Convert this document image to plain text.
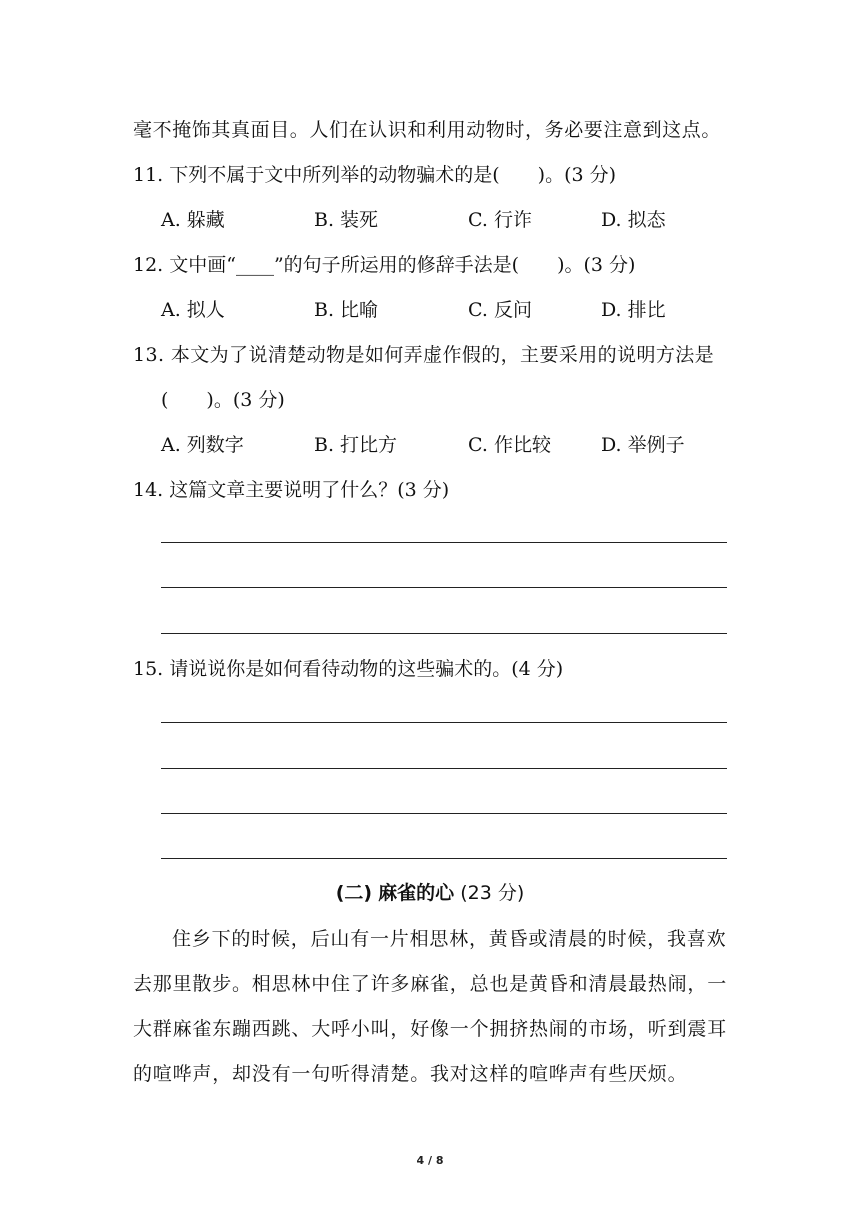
毫不掩饰其真面目。人们在认识和利用动物时，务必要注意到这点。
11. 下列不属于文中所列举的动物骗术的是(　　)。(3 分)
A. 躲藏	B. 装死	C. 行诈	D. 拟态
12. 文中画“____”的句子所运用的修辞手法是(　　)。(3 分)
A. 拟人	B. 比喻	C. 反问	D. 排比
13. 本文为了说清楚动物是如何弄虚作假的，主要采用的说明方法是
(　　)。(3 分)
A. 列数字	B. 打比方	C. 作比较	D. 举例子
14. 这篇文章主要说明了什么？(3 分)
15. 请说说你是如何看待动物的这些骗术的。(4 分)
(二) 麻雀的心 (23 分)
住乡下的时候，后山有一片相思林，黄昏或清晨的时候，我喜欢
去那里散步。相思林中住了许多麻雀，总也是黄昏和清晨最热闹，一
大群麻雀东蹦西跳、大呼小叫，好像一个拥挤热闹的市场，听到震耳
的喧哗声，却没有一句听得清楚。我对这样的喧哗声有些厌烦。
4 / 8
